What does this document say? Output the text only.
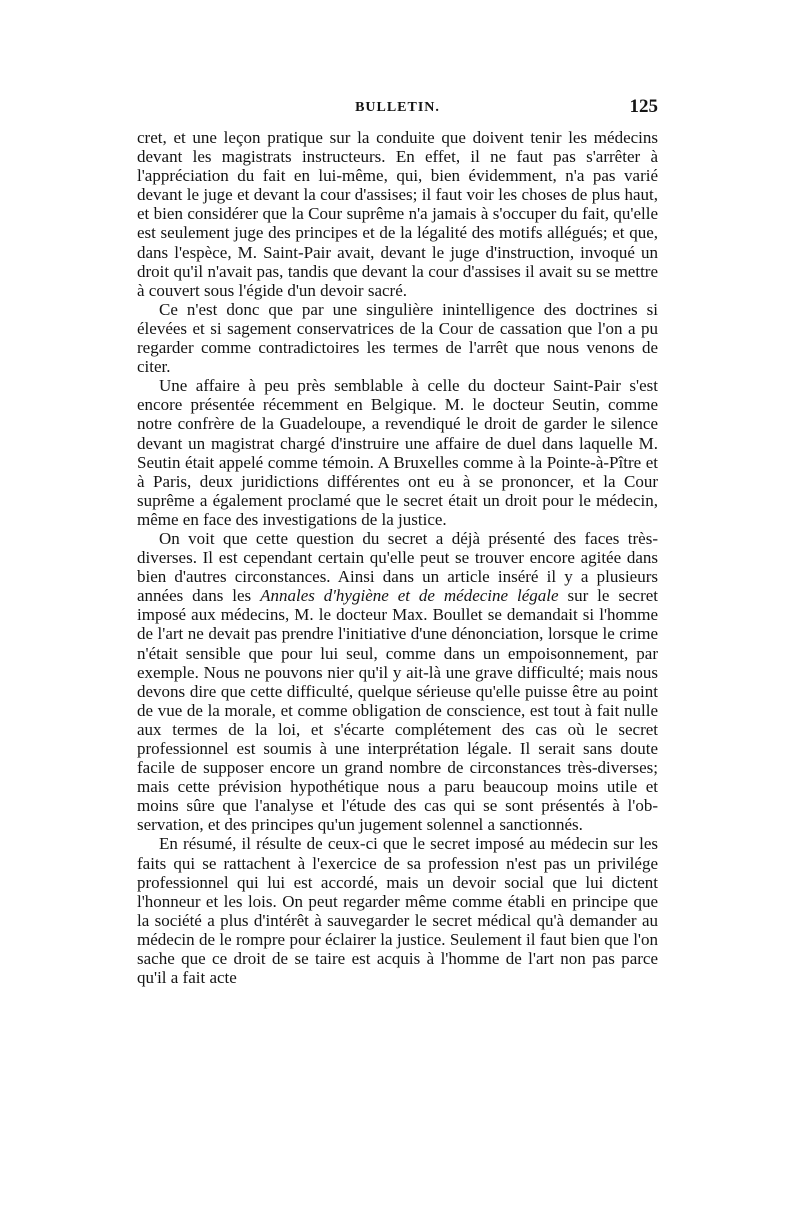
BULLETIN.	125

cret, et une leçon pratique sur la conduite que doivent tenir les médecins devant les magistrats instructeurs. En effet, il ne faut pas s'arrêter à l'appréciation du fait en lui-même, qui, bien évidemment, n'a pas varié devant le juge et devant la cour d'assises; il faut voir les choses de plus haut, et bien considérer que la Cour suprême n'a jamais à s'occuper du fait, qu'elle est seulement juge des principes et de la légalité des motifs allégués; et que, dans l'espèce, M. Saint-Pair avait, devant le juge d'instruction, invoqué un droit qu'il n'avait pas, tandis que devant la cour d'assises il avait su se mettre à couvert sous l'égide d'un devoir sacré.

Ce n'est donc que par une singulière inintelligence des doctrines si élevées et si sagement conservatrices de la Cour de cassation que l'on a pu regarder comme contradictoires les termes de l'arrêt que nous venons de citer.

Une affaire à peu près semblable à celle du docteur Saint-Pair s'est encore présentée récemment en Belgique. M. le docteur Seutin, comme notre confrère de la Guadeloupe, a revendiqué le droit de garder le silence devant un magistrat chargé d'instruire une affaire de duel dans laquelle M. Seutin était appelé comme témoin. A Bruxelles comme à la Pointe-à-Pître et à Paris, deux juridictions différentes ont eu à se prononcer, et la Cour suprême a également proclamé que le secret était un droit pour le médecin, même en face des investigations de la justice.

On voit que cette question du secret a déjà présenté des faces très-diverses. Il est cependant certain qu'elle peut se trouver encore agitée dans bien d'autres circonstances. Ainsi dans un article inséré il y a plusieurs années dans les Annales d'hygiène et de médecine légale sur le secret imposé aux médecins, M. le docteur Max. Boullet se demandait si l'homme de l'art ne devait pas prendre l'initiative d'une dénonciation, lorsque le crime n'était sensible que pour lui seul, comme dans un empoisonnement, par exemple. Nous ne pouvons nier qu'il y ait-là une grave difficulté; mais nous devons dire que cette difficulté, quelque sérieuse qu'elle puisse être au point de vue de la morale, et comme obligation de conscience, est tout à fait nulle aux termes de la loi, et s'écarte complétement des cas où le secret professionnel est soumis à une interprétation légale. Il serait sans doute facile de supposer encore un grand nombre de circonstances très-diverses; mais cette prévision hypothétique nous a paru beaucoup moins utile et moins sûre que l'analyse et l'étude des cas qui se sont présentés à l'observation, et des principes qu'un jugement solennel a sanctionnés.

En résumé, il résulte de ceux-ci que le secret imposé au médecin sur les faits qui se rattachent à l'exercice de sa profession n'est pas un privilége professionnel qui lui est accordé, mais un devoir social que lui dictent l'honneur et les lois. On peut regarder même comme établi en principe que la société a plus d'intérêt à sauvegarder le secret médical qu'à demander au médecin de le rompre pour éclairer la justice. Seulement il faut bien que l'on sache que ce droit de se taire est acquis à l'homme de l'art non pas parce qu'il a fait acte
